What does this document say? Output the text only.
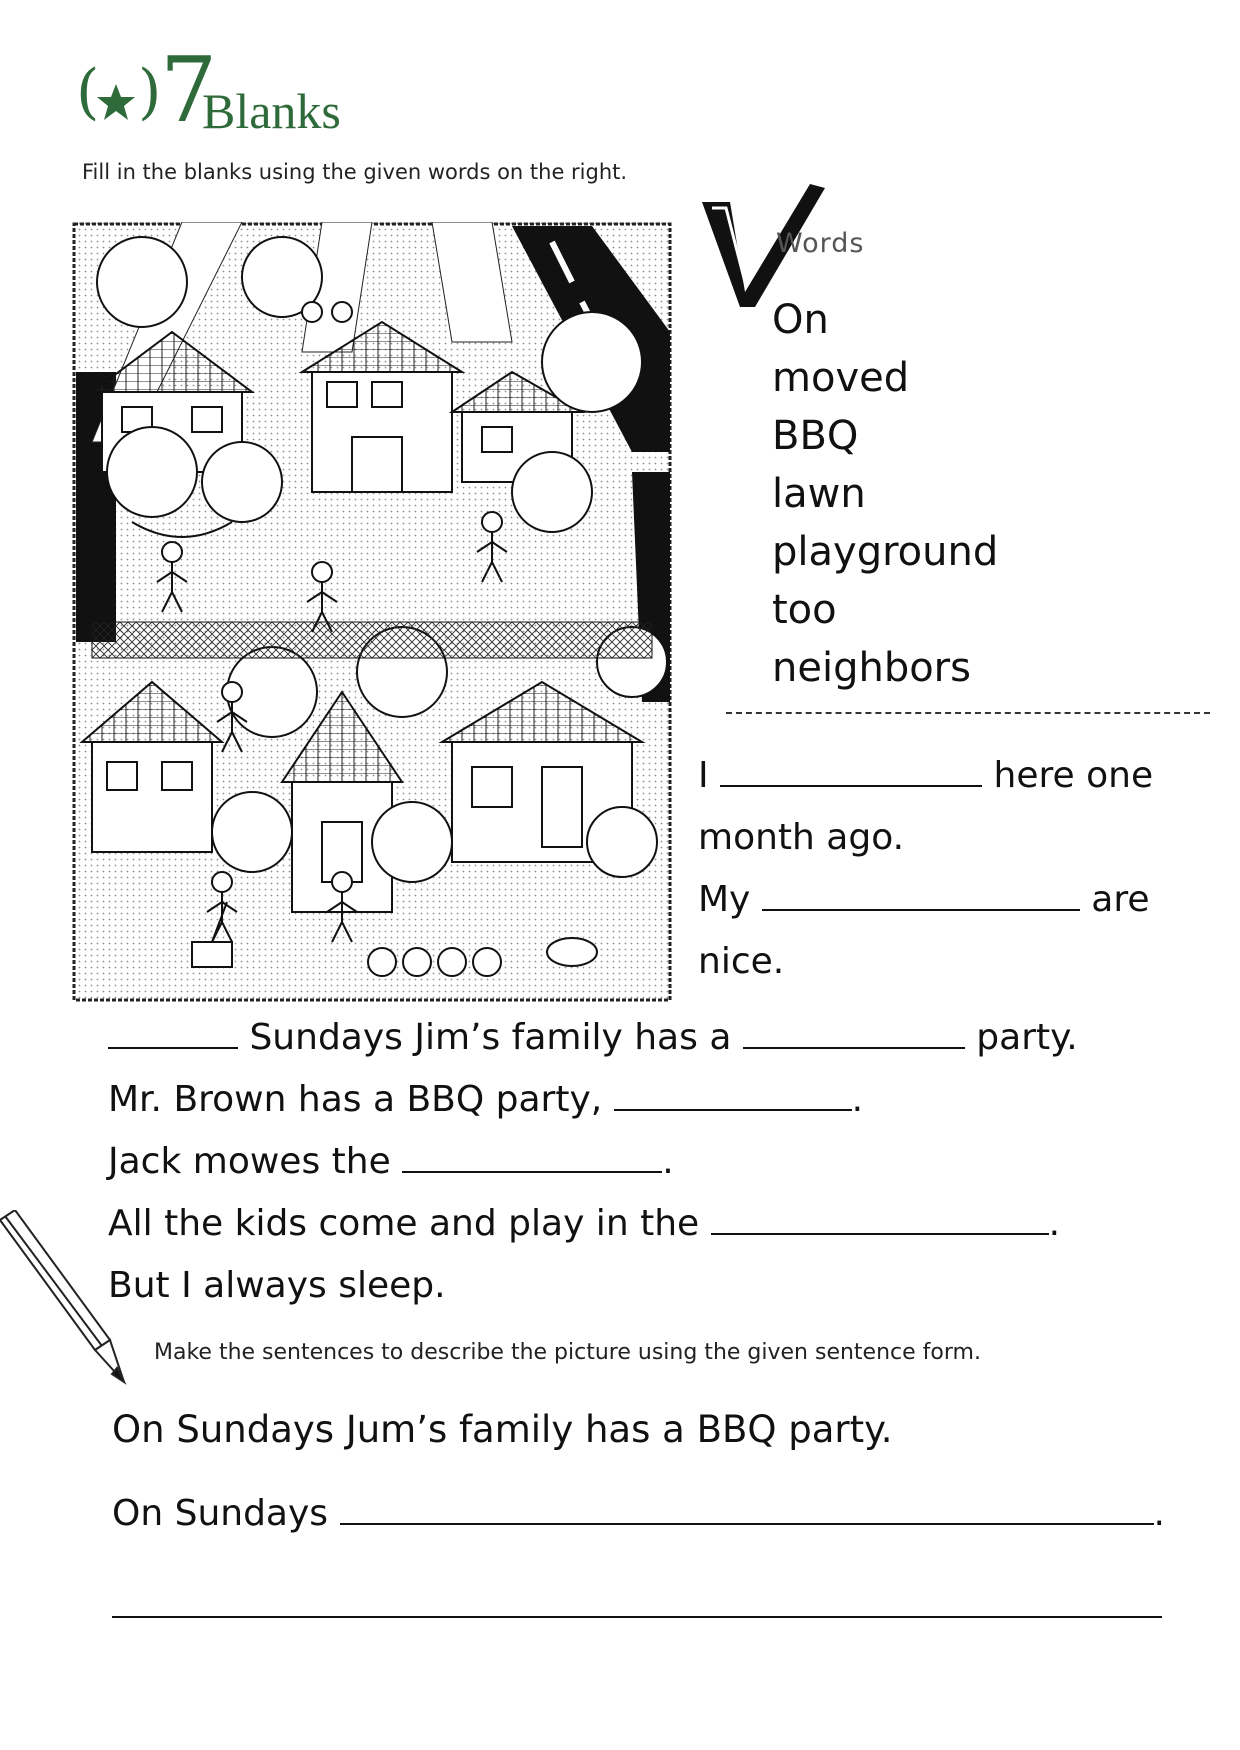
( )
7
Blanks
Fill in the blanks using the given words on the right.
Words
On
moved
BBQ
lawn
playground
too
neighbors
I	here one
month ago.
My	are
nice.
Sundays Jim’s family has a	party.
Mr. Brown has a BBQ party,	.
Jack mowes the	.
All the kids come and play in the	.
But I always sleep.
Make the sentences to describe the picture using the given sentence form.
On Sundays Jum’s family has a BBQ party.
On Sundays	.
